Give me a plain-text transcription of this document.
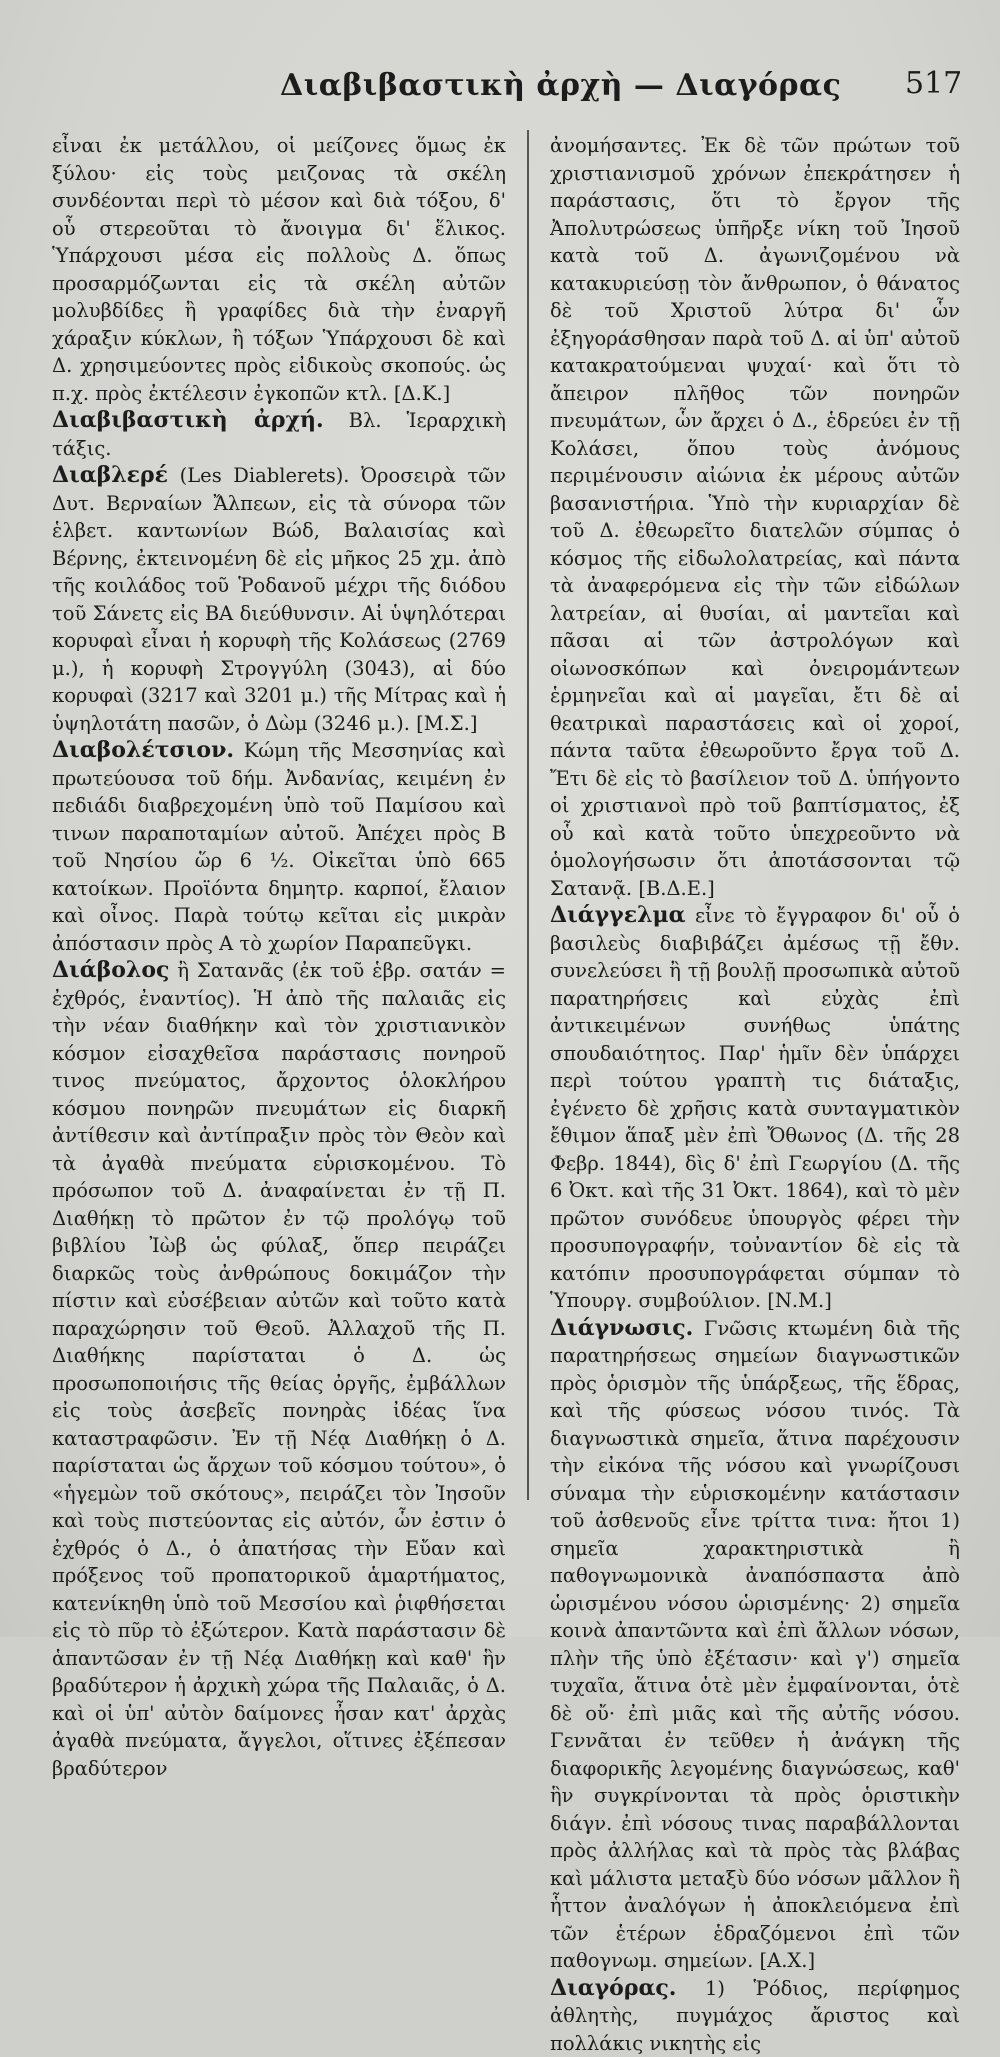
Διαβιβαστικὴ ἀρχὴ — Διαγόρας 517

εἶναι ἐκ μετάλλου, οἱ μείζονες ὅμως ἐκ ξύλου· εἰς τοὺς μειζονας τὰ σκέλη συνδέονται περὶ τὸ μέσον καὶ διὰ τόξου, δ' οὗ στερεοῦται τὸ ἄνοιγμα δι' ἕλικος. Ὑπάρχουσι μέσα εἰς πολλοὺς Δ. ὅπως προσαρμόζωνται εἰς τὰ σκέλη αὐτῶν μολυβδίδες ἢ γραφίδες διὰ τὴν ἐναργῆ χάραξιν κύκλων, ἢ τόξων Ὑπάρχουσι δὲ καὶ Δ. χρησιμεύοντες πρὸς εἰδικοὺς σκοπούς. ὡς π.χ. πρὸς ἐκτέλεσιν ἐγκοπῶν κτλ. [Δ.Κ.]

Διαβιβαστικὴ ἀρχή. Βλ. Ἱεραρχικὴ τάξις.

Διαβλερέ (Les Diablerets). Ὀροσειρὰ τῶν Δυτ. Βερναίων Ἄλπεων, εἰς τὰ σύνορα τῶν ἑλβετ. καντωνίων Βώδ, Βαλαισίας καὶ Βέρνης, ἐκτεινομένη δὲ εἰς μῆκος 25 χμ. ἀπὸ τῆς κοιλάδος τοῦ Ῥοδανοῦ μέχρι τῆς διόδου τοῦ Σάνετς εἰς ΒΑ διεύθυνσιν. Αἱ ὑψηλότεραι κορυφαὶ εἶναι ἡ κορυφὴ τῆς Κολάσεως (2769 μ.), ἡ κορυφὴ Στρογγύλη (3043), αἱ δύο κορυφαὶ (3217 καὶ 3201 μ.) τῆς Μίτρας καὶ ἡ ὑψηλοτάτη πασῶν, ὁ Δὼμ (3246 μ.). [Μ.Σ.]

Διαβολέτσιον. Κώμη τῆς Μεσσηνίας καὶ πρωτεύουσα τοῦ δήμ. Ἀνδανίας, κειμένη ἐν πεδιάδι διαβρεχομένη ὑπὸ τοῦ Παμίσου καὶ τινων παραποταμίων αὐτοῦ. Ἀπέχει πρὸς Β τοῦ Νησίου ὥρ 6 ½. Οἰκεῖται ὑπὸ 665 κατοίκων. Προϊόντα δημητρ. καρποί, ἔλαιον καὶ οἶνος. Παρὰ τούτῳ κεῖται εἰς μικρὰν ἀπόστασιν πρὸς Α τὸ χωρίον Παραπεῦγκι.

Διάβολος ἢ Σατανᾶς (ἐκ τοῦ ἑβρ. σατάν = ἐχθρός, ἐναντίος). Ἡ ἀπὸ τῆς παλαιᾶς εἰς τὴν νέαν διαθήκην καὶ τὸν χριστιανικὸν κόσμον εἰσαχθεῖσα παράστασις πονηροῦ τινος πνεύματος, ἄρχοντος ὁλοκλήρου κόσμου πονηρῶν πνευμάτων εἰς διαρκῆ ἀντίθεσιν καὶ ἀντίπραξιν πρὸς τὸν Θεὸν καὶ τὰ ἀγαθὰ πνεύματα εὑρισκομένου. Τὸ πρόσωπον τοῦ Δ. ἀναφαίνεται ἐν τῇ Π. Διαθήκῃ τὸ πρῶτον ἐν τῷ προλόγῳ τοῦ βιβλίου Ἰὼβ ὡς φύλαξ, ὅπερ πειράζει διαρκῶς τοὺς ἀνθρώπους δοκιμάζον τὴν πίστιν καὶ εὐσέβειαν αὐτῶν καὶ τοῦτο κατὰ παραχώρησιν τοῦ Θεοῦ. Ἀλλαχοῦ τῆς Π. Διαθήκης παρίσταται ὁ Δ. ὡς προσωποποιήσις τῆς θείας ὀργῆς, ἐμβάλλων εἰς τοὺς ἀσεβεῖς πονηρὰς ἰδέας ἵνα καταστραφῶσιν. Ἐν τῇ Νέᾳ Διαθήκῃ ὁ Δ. παρίσταται ὡς ἄρχων τοῦ κόσμου τούτου», ὁ «ἡγεμὼν τοῦ σκότους», πειράζει τὸν Ἰησοῦν καὶ τοὺς πιστεύοντας εἰς αὐτόν, ὧν ἐστιν ὁ ἐχθρός ὁ Δ., ὁ ἀπατήσας τὴν Εὔαν καὶ πρόξενος τοῦ προπατορικοῦ ἁμαρτήματος, κατενίκηθη ὑπὸ τοῦ Μεσσίου καὶ ῥιφθήσεται εἰς τὸ πῦρ τὸ ἐξώτερον. Κατὰ παράστασιν δὲ ἁπαντῶσαν ἐν τῇ Νέᾳ Διαθήκῃ καὶ καθ' ἣν βραδύτερον ἡ ἀρχικὴ χώρα τῆς Παλαιᾶς, ὁ Δ. καὶ οἱ ὑπ' αὐτὸν δαίμονες ἦσαν κατ' ἀρχὰς ἀγαθὰ πνεύματα, ἄγγελοι, οἵτινες ἐξέπεσαν βραδύτερον

ἀνομήσαντες. Ἐκ δὲ τῶν πρώτων τοῦ χριστιανισμοῦ χρόνων ἐπεκράτησεν ἡ παράστασις, ὅτι τὸ ἔργον τῆς Ἀπολυτρώσεως ὑπῆρξε νίκη τοῦ Ἰησοῦ κατὰ τοῦ Δ. ἀγωνιζομένου νὰ κατακυριεύσῃ τὸν ἄνθρωπον, ὁ θάνατος δὲ τοῦ Χριστοῦ λύτρα δι' ὧν ἐξηγοράσθησαν παρὰ τοῦ Δ. αἱ ὑπ' αὐτοῦ κατακρατούμεναι ψυχαί· καὶ ὅτι τὸ ἄπειρον πλῆθος τῶν πονηρῶν πνευμάτων, ὧν ἄρχει ὁ Δ., ἑδρεύει ἐν τῇ Κολάσει, ὅπου τοὺς ἀνόμους περιμένουσιν αἰώνια ἐκ μέρους αὐτῶν βασανιστήρια. Ὑπὸ τὴν κυριαρχίαν δὲ τοῦ Δ. ἐθεωρεῖτο διατελῶν σύμπας ὁ κόσμος τῆς εἰδωλολατρείας, καὶ πάντα τὰ ἀναφερόμενα εἰς τὴν τῶν εἰδώλων λατρείαν, αἱ θυσίαι, αἱ μαντεῖαι καὶ πᾶσαι αἱ τῶν ἀστρολόγων καὶ οἰωνοσκόπων καὶ ὀνειρομάντεων ἑρμηνεῖαι καὶ αἱ μαγεῖαι, ἔτι δὲ αἱ θεατρικαὶ παραστάσεις καὶ οἱ χοροί, πάντα ταῦτα ἐθεωροῦντο ἔργα τοῦ Δ. Ἔτι δὲ εἰς τὸ βασίλειον τοῦ Δ. ὑπήγοντο οἱ χριστιανοὶ πρὸ τοῦ βαπτίσματος, ἐξ οὗ καὶ κατὰ τοῦτο ὑπεχρεοῦντο νὰ ὁμολογήσωσιν ὅτι ἀποτάσσονται τῷ Σατανᾷ. [Β.Δ.Ε.]

Διάγγελμα εἶνε τὸ ἔγγραφον δι' οὗ ὁ βασιλεὺς διαβιβάζει ἀμέσως τῇ ἔθν. συνελεύσει ἢ τῇ βουλῇ προσωπικὰ αὐτοῦ παρατηρήσεις καὶ εὐχὰς ἐπὶ ἀντικειμένων συνήθως ὑπάτης σπουδαιότητος. Παρ' ἡμῖν δὲν ὑπάρχει περὶ τούτου γραπτὴ τις διάταξις, ἐγένετο δὲ χρῆσις κατὰ συνταγματικὸν ἔθιμον ἅπαξ μὲν ἐπὶ Ὄθωνος (Δ. τῆς 28 Φεβρ. 1844), δὶς δ' ἐπὶ Γεωργίου (Δ. τῆς 6 Ὀκτ. καὶ τῆς 31 Ὀκτ. 1864), καὶ τὸ μὲν πρῶτον συνόδευε ὑπουργὸς φέρει τὴν προσυπογραφήν, τοὐναντίον δὲ εἰς τὰ κατόπιν προσυπογράφεται σύμπαν τὸ Ὑπουργ. συμβούλιον. [Ν.Μ.]

Διάγνωσις. Γνῶσις κτωμένη διὰ τῆς παρατηρήσεως σημείων διαγνωστικῶν πρὸς ὁρισμὸν τῆς ὑπάρξεως, τῆς ἕδρας, καὶ τῆς φύσεως νόσου τινός. Τὰ διαγνωστικὰ σημεῖα, ἅτινα παρέχουσιν τὴν εἰκόνα τῆς νόσου καὶ γνωρίζουσι σύναμα τὴν εὑρισκομένην κατάστασιν τοῦ ἀσθενοῦς εἶνε τρίττα τινα: ἤτοι 1) σημεῖα χαρακτηριστικὰ ἢ παθογνωμονικὰ ἀναπόσπαστα ἀπὸ ὡρισμένου νόσου ὡρισμένης· 2) σημεῖα κοινὰ ἀπαντῶντα καὶ ἐπὶ ἄλλων νόσων, πλὴν τῆς ὑπὸ ἐξέτασιν· καὶ γ') σημεῖα τυχαῖα, ἅτινα ὁτὲ μὲν ἐμφαίνονται, ὁτὲ δὲ οὔ· ἐπὶ μιᾶς καὶ τῆς αὐτῆς νόσου. Γεννᾶται ἐν τεῦθεν ἡ ἀνάγκη τῆς διαφορικῆς λεγομένης διαγνώσεως, καθ' ἣν συγκρίνονται τὰ πρὸς ὁριστικὴν διάγν. ἐπὶ νόσους τινας παραβάλλονται πρὸς ἀλλήλας καὶ τὰ πρὸς τὰς βλάβας καὶ μάλιστα μεταξὺ δύο νόσων μᾶλλον ἢ ἧττον ἀναλόγων ἡ ἀποκλειόμενα ἐπὶ τῶν ἑτέρων ἑδραζόμενοι ἐπὶ τῶν παθογνωμ. σημείων. [Α.Χ.]

Διαγόρας. 1) Ῥόδιος, περίφημος ἀθλητὴς, πυγμάχος ἄριστος καὶ πολλάκις νικητὴς εἰς
